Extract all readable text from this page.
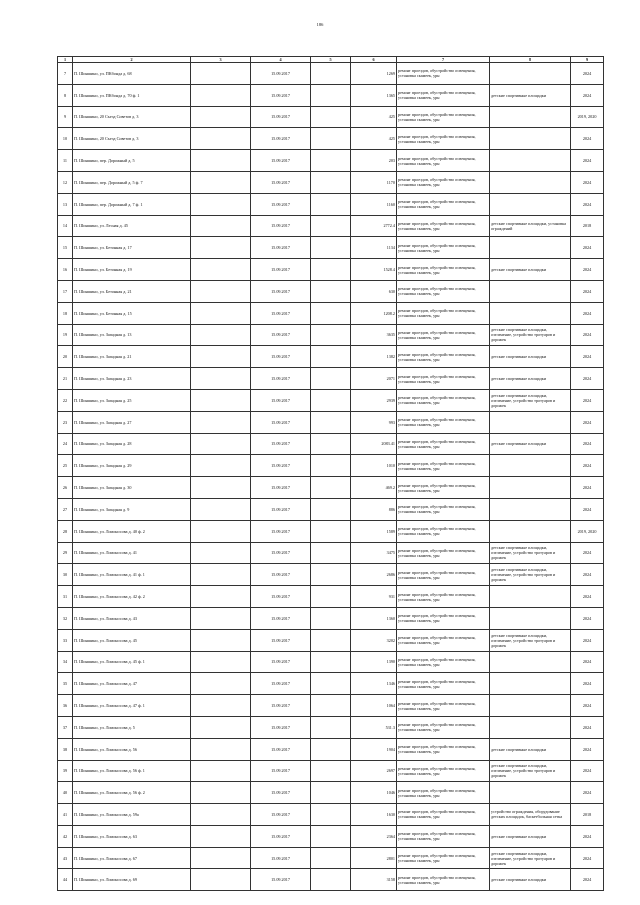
186
1	2	3	4	5	6	7	8	9
7	П. Шиншино, ул. ПКбонда д. 68		15.09.2017		1269	ремонт проездов, обустройство освещения, установка скамеек, урн		2024
8	П. Шиншино, ул. ПКбонда д. 70 ф. 1		15.09.2017		1365	ремонт проездов, обустройство освещения, установка скамеек, урн	детские спортивные площадки	2024
9	П. Шиншино, 20 Съезд Советов д. 3		15.09.2017		425	ремонт проездов, обустройство освещения, установка скамеек, урн		2019, 2020
10	П. Шиншино, 20 Съезд Советов д. 3		15.09.2017		425	ремонт проездов, обустройство освещения, установка скамеек, урн		2024
11	П. Шиншино, пер. Дорожный д. 5		15.09.2017		203	ремонт проездов, обустройство освещения, установка скамеек, урн		2024
12	П. Шиншино, пер. Дорожный д. 5 ф. 7		15.09.2017		1170	ремонт проездов, обустройство освещения, установка скамеек, урн		2024
13	П. Шиншино, пер. Дорожный д. 7 ф. 1		15.09.2017		1160	ремонт проездов, обустройство освещения, установка скамеек, урн		2024
14	П. Шиншино, ул. Лесная д. 45		15.09.2017		2772.4	ремонт проездов, обустройство освещения, установка скамеек, урн	детские спортивные площадки, установка ограждений	2018
15	П. Шиншино, ул. Бетонная д. 17		15.09.2017		1134	ремонт проездов, обустройство освещения, установка скамеек, урн		2024
16	П. Шиншино, ул. Бетонная д. 19		15.09.2017		1528.4	ремонт проездов, обустройство освещения, установка скамеек, урн	детские спортивные площадки	2024
17	П. Шиншино, ул. Бетонная д. 21		15.09.2017		630	ремонт проездов, обустройство освещения, установка скамеек, урн		2024
18	П. Шиншино, ул. Бетонная д. 15		15.09.2017		1208.2	ремонт проездов, обустройство освещения, установка скамеек, урн		2024
19	П. Шиншино, ул. Западная д. 13		15.09.2017		3635	ремонт проездов, обустройство освещения, установка скамеек, урн	детские спортивные площадки, озеленение, устройство тротуаров и дорожек	2024
20	П. Шиншино, ул. Западная д. 21		15.09.2017		1382	ремонт проездов, обустройство освещения, установка скамеек, урн	детские спортивные площадки	2024
21	П. Шиншино, ул. Западная д. 23		15.09.2017		2071	ремонт проездов, обустройство освещения, установка скамеек, урн	детские спортивные площадки	2024
22	П. Шиншино, ул. Западная д. 25		15.09.2017		2939	ремонт проездов, обустройство освещения, установка скамеек, урн	детские спортивные площадки, озеленение, устройство тротуаров и дорожек	2024
23	П. Шиншино, ул. Западная д. 27		15.09.2017		993	ремонт проездов, обустройство освещения, установка скамеек, урн		2024
24	П. Шиншино, ул. Западная д. 28		15.09.2017		2083.41	ремонт проездов, обустройство освещения, установка скамеек, урн	детские спортивные площадки	2024
25	П. Шиншино, ул. Западная д. 29		15.09.2017		1010	ремонт проездов, обустройство освещения, установка скамеек, урн		2024
26	П. Шиншино, ул. Западная д. 30		15.09.2017		469.2	ремонт проездов, обустройство освещения, установка скамеек, урн		2024
27	П. Шиншино, ул. Западная д. 9		15.09.2017		886	ремонт проездов, обустройство освещения, установка скамеек, урн		2024
28	П. Шиншино, ул. Ломоносова д. 40 ф. 2		15.09.2017		1589	ремонт проездов, обустройство освещения, установка скамеек, урн		2019, 2020
29	П. Шиншино, ул. Ломоносова д. 41		15.09.2017		3475	ремонт проездов, обустройство освещения, установка скамеек, урн	детские спортивные площадки, озеленение, устройство тротуаров и дорожек	2024
30	П. Шиншино, ул. Ломоносова д. 41 ф. 1		15.09.2017		2686	ремонт проездов, обустройство освещения, установка скамеек, урн	детские спортивные площадки, озеленение, устройство тротуаров и дорожек	2024
31	П. Шиншино, ул. Ломоносова д. 42 ф. 2		15.09.2017		931	ремонт проездов, обустройство освещения, установка скамеек, урн		2024
32	П. Шиншино, ул. Ломоносова д. 43		15.09.2017		1360	ремонт проездов, обустройство освещения, установка скамеек, урн		2024
33	П. Шиншино, ул. Ломоносова д. 45		15.09.2017		3202	ремонт проездов, обустройство освещения, установка скамеек, урн	детские спортивные площадки, озеленение, устройство тротуаров и дорожек	2024
34	П. Шиншино, ул. Ломоносова д. 45 ф. 1		15.09.2017		1390	ремонт проездов, обустройство освещения, установка скамеек, урн		2024
35	П. Шиншино, ул. Ломоносова д. 47		15.09.2017		1346	ремонт проездов, обустройство освещения, установка скамеек, урн		2024
36	П. Шиншино, ул. Ломоносова д. 47 ф. 1		15.09.2017		1064	ремонт проездов, обустройство освещения, установка скамеек, урн		2024
37	П. Шиншино, ул. Ломоносова д. 5		15.09.2017		531.3	ремонт проездов, обустройство освещения, установка скамеек, урн		2024
38	П. Шиншино, ул. Ломоносова д. 56		15.09.2017		1904	ремонт проездов, обустройство освещения, установка скамеек, урн	детские спортивные площадки	2024
39	П. Шиншино, ул. Ломоносова д. 56 ф. 1		15.09.2017		2697	ремонт проездов, обустройство освещения, установка скамеек, урн	детские спортивные площадки, озеленение, устройство тротуаров и дорожек	2024
40	П. Шиншино, ул. Ломоносова д. 56 ф. 2		15.09.2017		1046	ремонт проездов, обустройство освещения, установка скамеек, урн		2024
41	П. Шиншино, ул. Ломоносова д. 59а		15.09.2017		1630	ремонт проездов, обустройство освещения, установка скамеек, урн	устройство ограждения, оборудование детских площадок, баскетбольная сетка	2018
42	П. Шиншино, ул. Ломоносова д. 63		15.09.2017		2364	ремонт проездов, обустройство освещения, установка скамеек, урн	детские спортивные площадки	2024
43	П. Шиншино, ул. Ломоносова д. 67		15.09.2017		2801	ремонт проездов, обустройство освещения, установка скамеек, урн	детские спортивные площадки, озеленение, устройство тротуаров и дорожек	2024
44	П. Шиншино, ул. Ломоносова д. 69		15.09.2017		3158	ремонт проездов, обустройство освещения, установка скамеек, урн	детские спортивные площадки	2024
